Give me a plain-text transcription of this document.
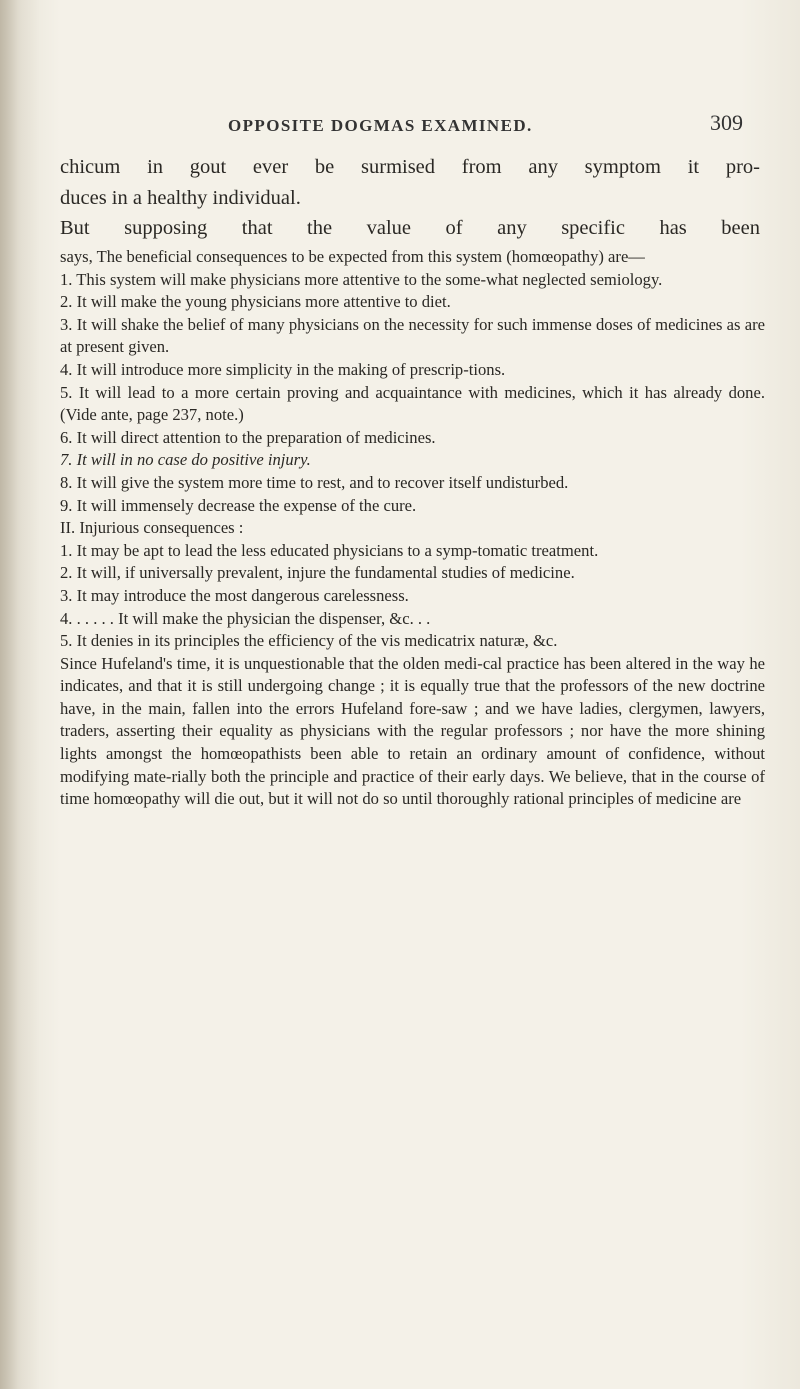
OPPOSITE DOGMAS EXAMINED.	309

chicum in gout ever be surmised from any symptom it pro-

duces in a healthy individual.

But supposing that the value of any specific has been

says, The beneficial consequences to be expected from this system (homœopathy) are—

1. This system will make physicians more attentive to the some-what neglected semiology.

2. It will make the young physicians more attentive to diet.

3. It will shake the belief of many physicians on the necessity for such immense doses of medicines as are at present given.

4. It will introduce more simplicity in the making of prescrip-tions.

5. It will lead to a more certain proving and acquaintance with medicines, which it has already done. (Vide ante, page 237, note.)

6. It will direct attention to the preparation of medicines.

7. It will in no case do positive injury.

8. It will give the system more time to rest, and to recover itself undisturbed.

9. It will immensely decrease the expense of the cure.

II. Injurious consequences :

1. It may be apt to lead the less educated physicians to a symp-tomatic treatment.

2. It will, if universally prevalent, injure the fundamental studies of medicine.

3. It may introduce the most dangerous carelessness.

4. . . . . . It will make the physician the dispenser, &c. . .

5. It denies in its principles the efficiency of the vis medicatrix naturæ, &c.

Since Hufeland's time, it is unquestionable that the olden medi-cal practice has been altered in the way he indicates, and that it is still undergoing change ; it is equally true that the professors of the new doctrine have, in the main, fallen into the errors Hufeland fore-saw ; and we have ladies, clergymen, lawyers, traders, asserting their equality as physicians with the regular professors ; nor have the more shining lights amongst the homœopathists been able to retain an ordinary amount of confidence, without modifying mate-rially both the principle and practice of their early days. We believe, that in the course of time homœopathy will die out, but it will not do so until thoroughly rational principles of medicine are
